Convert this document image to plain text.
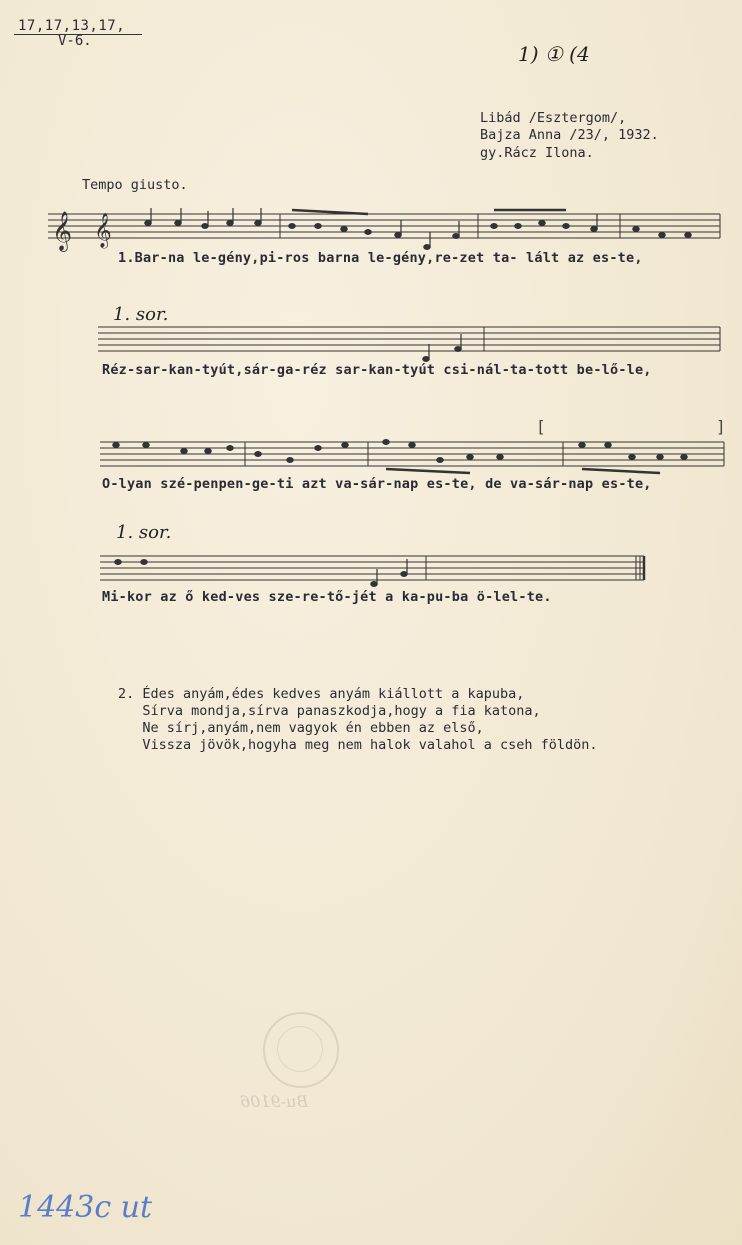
17,17,13,17,
V-6.
1) ① (4
Libád /Esztergom/,
Bajza Anna /23/, 1932.
gy.Rácz Ilona.
Tempo giusto.
𝄞 𝄞
[	]
1.Bar-na le-gény,pi-ros barna le-gény,re-zet ta- lált az es-te,
1. sor.
Réz-sar-kan-tyút,sár-ga-réz sar-kan-tyút csi-nál-ta-tott be-lő-le,
O-lyan szé-penpen-ge-ti azt va-sár-nap es-te, de va-sár-nap es-te,
1. sor.
Mi-kor az ő ked-ves sze-re-tő-jét a ka-pu-ba ö-lel-te.
2. Édes anyám,édes kedves anyám kiállott a kapuba,
Sírva mondja,sírva panaszkodja,hogy a fia katona,
Ne sírj,anyám,nem vagyok én ebben az első,
Vissza jövök,hogyha meg nem halok valahol a cseh földön.
Bu-9106
1443c ut
